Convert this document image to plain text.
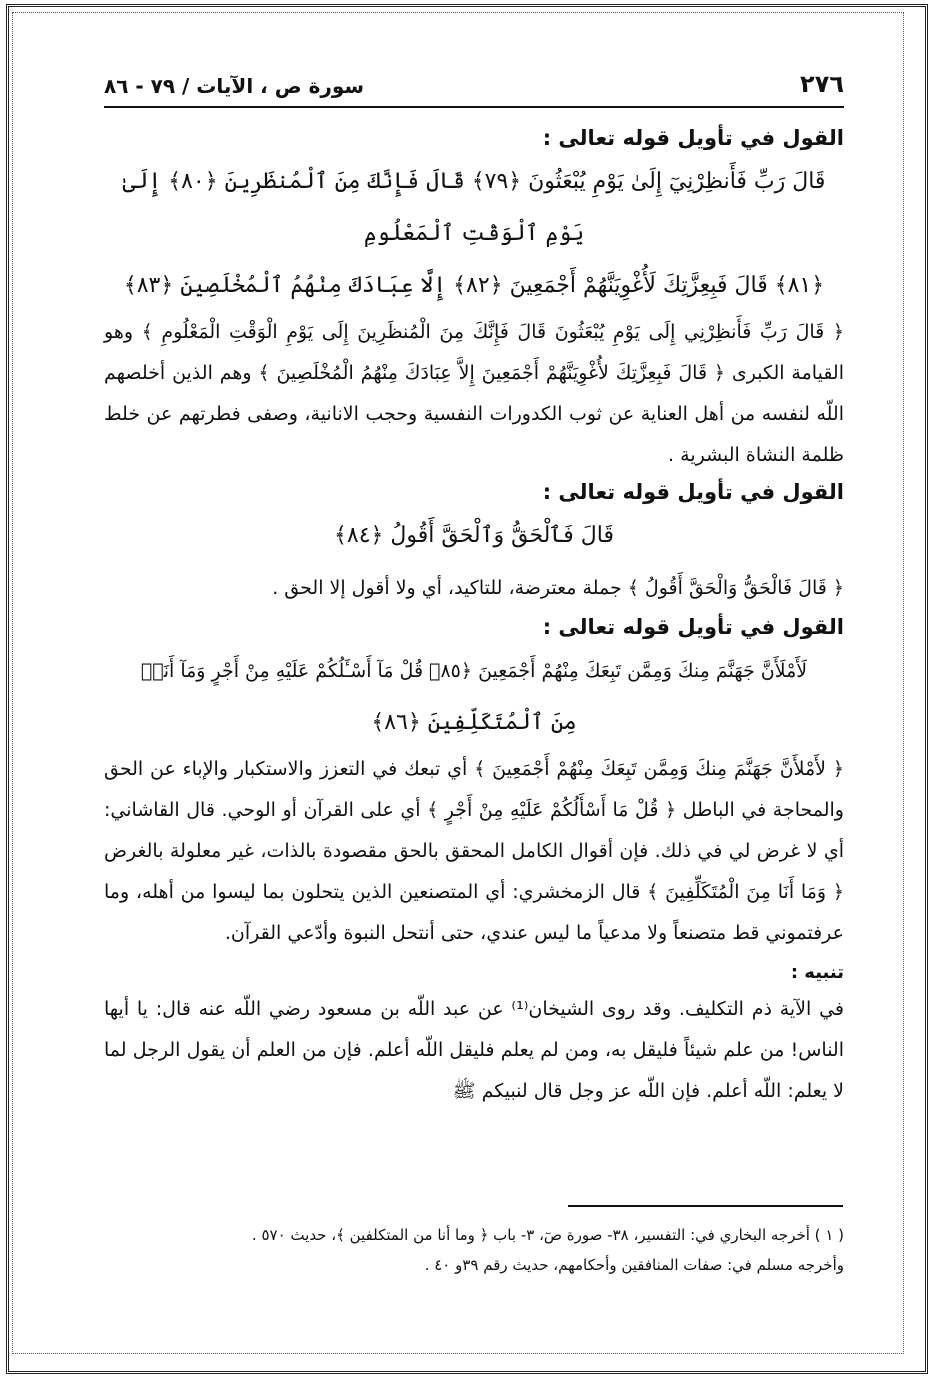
٢٧٦
سورة ص ، الآيات / ٧٩ - ٨٦
القول في تأويل قوله تعالى :
قَالَ رَبِّ فَأَنظِرْنِيٓ إِلَىٰ يَوْمِ يُبْعَثُونَ ﴿٧٩﴾ قَالَ فَإِنَّكَ مِنَ ٱلْمُنظَرِينَ ﴿٨٠﴾ إِلَىٰ يَوْمِ ٱلْوَقْتِ ٱلْمَعْلُومِ
﴿٨١﴾ قَالَ فَبِعِزَّتِكَ لَأُغْوِيَنَّهُمْ أَجْمَعِينَ ﴿٨٢﴾ إِلَّا عِبَادَكَ مِنْهُمُ ٱلْمُخْلَصِينَ ﴿٨٣﴾

﴿ قَالَ رَبِّ فَأَنظِرْنِي إِلَى يَوْمِ يُبْعَثُونَ قَالَ فَإِنَّكَ مِنَ الْمُنظَرِينَ إِلَى يَوْمِ الْوَقْتِ الْمَعْلُومِ ﴾ وهو القيامة الكبرى ﴿ قَالَ فَبِعِزَّتِكَ لأُغْوِيَنَّهُمْ أَجْمَعِينَ إِلاَّ عِبَادَكَ مِنْهُمُ الْمُخْلَصِينَ ﴾ وهم الذين أخلصهم اللّه لنفسه من أهل العناية عن ثوب الكدورات النفسية وحجب الانانية، وصفى فطرتهم عن خلط ظلمة النشاة البشرية .

القول في تأويل قوله تعالى :
قَالَ فَٱلْحَقُّ وَٱلْحَقَّ أَقُولُ ﴿٨٤﴾

﴿ قَالَ فَالْحَقُّ وَالْحَقَّ أَقُولُ ﴾ جملة معترضة، للتاكيد، أي ولا أقول إلا الحق .

القول في تأويل قوله تعالى :
لَأَمْلَأَنَّ جَهَنَّمَ مِنكَ وَمِمَّن تَبِعَكَ مِنْهُمْ أَجْمَعِينَ ﴿٨٥﴾ قُلْ مَآ أَسْـَٔلُكُمْ عَلَيْهِ مِنْ أَجْرٍ وَمَآ أَنَا۠
مِنَ ٱلْمُتَكَلِّفِينَ ﴿٨٦﴾

﴿ لأَمْلأَنَّ جَهَنَّمَ مِنكَ وَمِمَّن تَبِعَكَ مِنْهُمْ أَجْمَعِينَ ﴾ أي تبعك في التعزز والاستكبار والإباء عن الحق والمحاجة في الباطل ﴿ قُلْ مَا أَسْأَلُكُمْ عَلَيْهِ مِنْ أَجْرٍ ﴾ أي على القرآن أو الوحي. قال القاشاني: أي لا غرض لي في ذلك. فإن أقوال الكامل المحقق بالحق مقصودة بالذات، غير معلولة بالغرض ﴿ وَمَا أَنَا مِنَ الْمُتَكَلِّفِينَ ﴾ قال الزمخشري: أي المتصنعين الذين يتحلون بما ليسوا من أهله، وما عرفتموني قط متصنعاً ولا مدعياً ما ليس عندي، حتى أنتحل النبوة وأدّعي القرآن.

تنبيه :

في الآية ذم التكليف. وقد روى الشيخان⁽¹⁾ عن عبد اللّه بن مسعود رضي اللّه عنه قال: يا أيها الناس! من علم شيئاً فليقل به، ومن لم يعلم فليقل اللّه أعلم. فإن من العلم أن يقول الرجل لما لا يعلم: اللّه أعلم. فإن اللّه عز وجل قال لنبيكم ﷺ

( ١ ) أخرجه البخاري في: التفسير، ٣٨- صورة صٓ، ٣- باب ﴿ وما أنا من المتكلفين ﴾، حديث ٥٧٠ .
وأخرجه مسلم في: صفات المنافقين وأحكامهم، حديث رقم ٣٩و ٤٠ .
